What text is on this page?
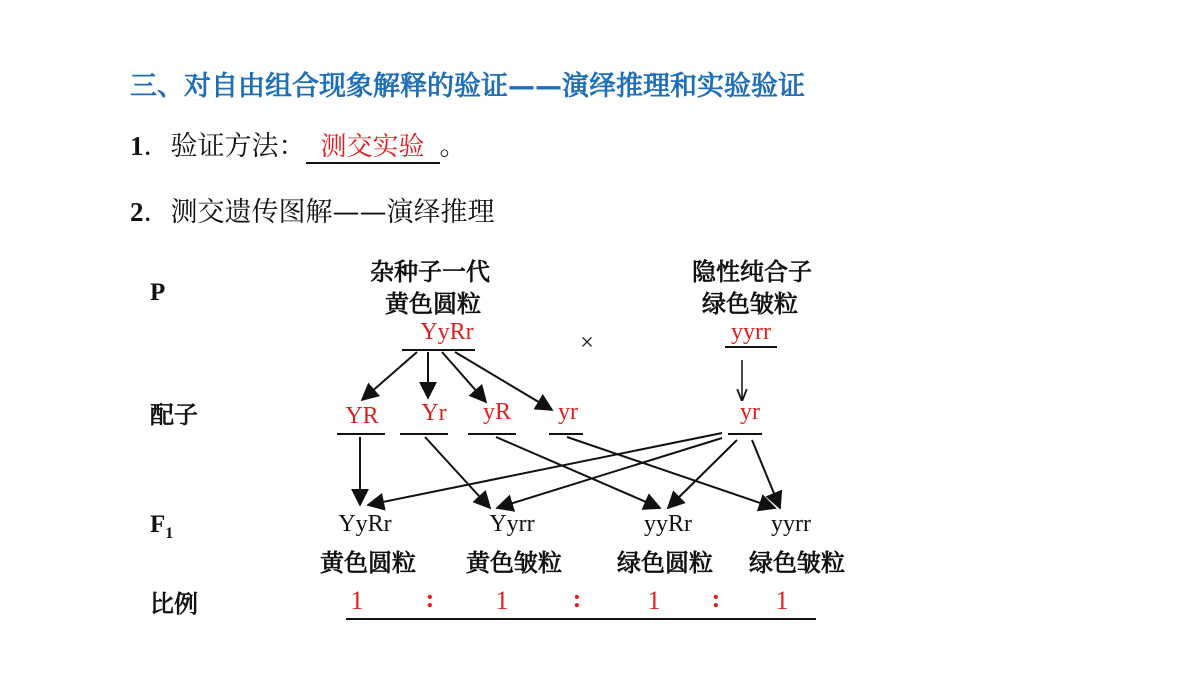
三、对自由组合现象解释的验证——演绎推理和实验验证
1．验证方法： 测交实验 。
2．测交遗传图解——演绎推理
P
配子
$F_1$
比例
杂种子一代
黄色圆粒
YyRr	×
隐性纯合子
绿色皱粒
yyrr
YR Yr yR yr	yr
YyRr	Yyrr	yyRr	yyrr
黄色圆粒 黄色皱粒 绿色圆粒 绿色皱粒
1 : 1 :	1 : 1
